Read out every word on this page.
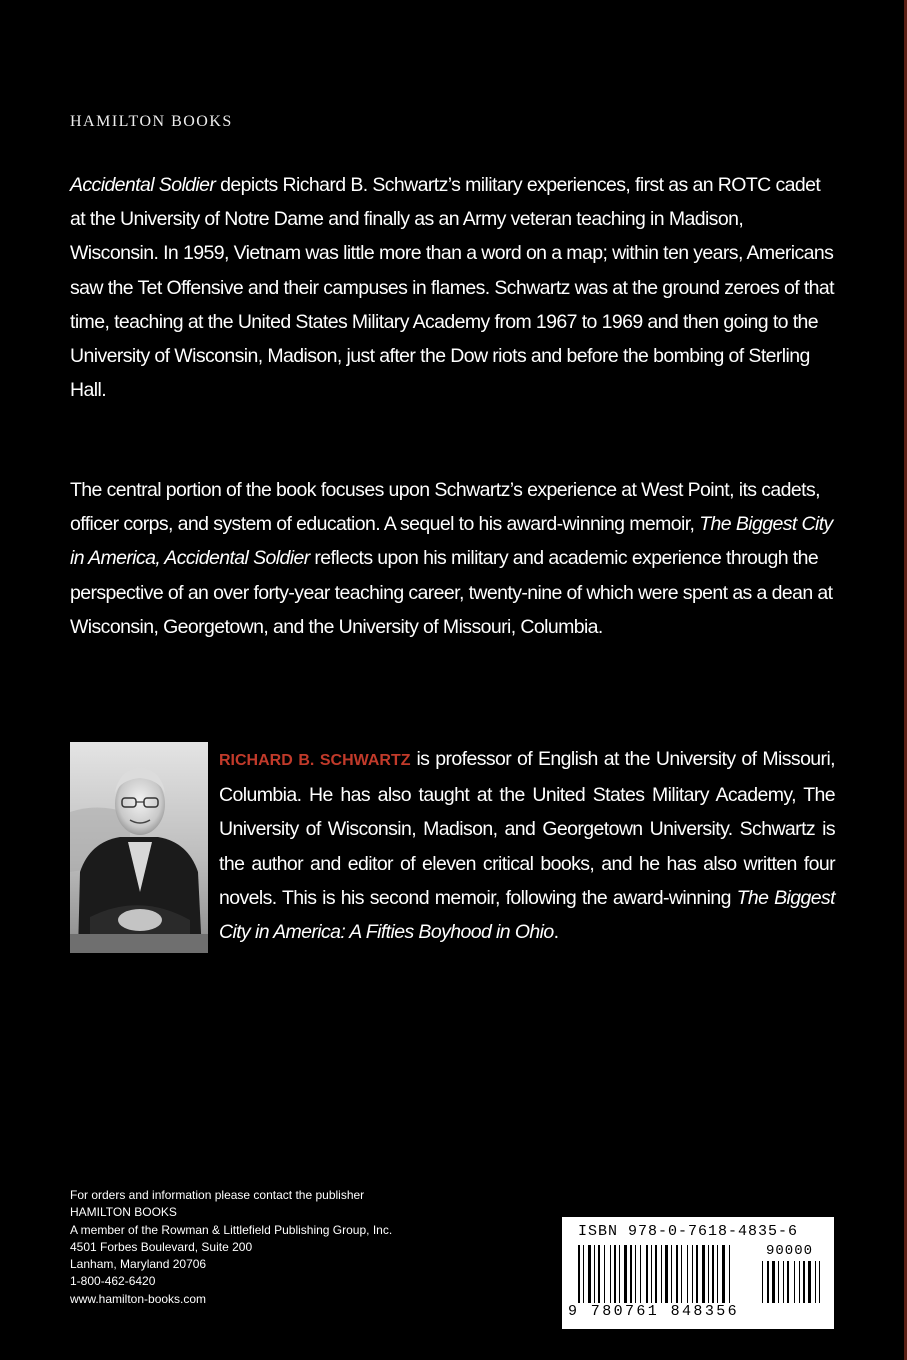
HAMILTON BOOKS

Accidental Soldier depicts Richard B. Schwartz’s military experiences, first as an ROTC cadet at the University of Notre Dame and finally as an Army veteran teaching in Madison, Wisconsin. In 1959, Vietnam was little more than a word on a map; within ten years, Americans saw the Tet Offensive and their campuses in flames. Schwartz was at the ground zeroes of that time, teaching at the United States Military Academy from 1967 to 1969 and then going to the University of Wisconsin, Madison, just after the Dow riots and before the bombing of Sterling Hall.

The central portion of the book focuses upon Schwartz’s experience at West Point, its cadets, officer corps, and system of education. A sequel to his award-winning memoir, The Biggest City in America, Accidental Soldier reflects upon his military and academic experience through the perspective of an over forty-year teaching career, twenty-nine of which were spent as a dean at Wisconsin, Georgetown, and the University of Missouri, Columbia.

RICHARD B. SCHWARTZ is professor of English at the University of Missouri, Columbia. He has also taught at the United States Military Academy, The University of Wisconsin, Madison, and Georgetown University. Schwartz is the author and editor of eleven critical books, and he has also written four novels. This is his second memoir, following the award-winning The Biggest City in America: A Fifties Boyhood in Ohio.

For orders and information please contact the publisher
HAMILTON BOOKS
A member of the Rowman & Littlefield Publishing Group, Inc.
4501 Forbes Boulevard, Suite 200
Lanham, Maryland 20706
1-800-462-6420
www.hamilton-books.com
ISBN 978-0-7618-4835-6
90000
9 780761 848356
